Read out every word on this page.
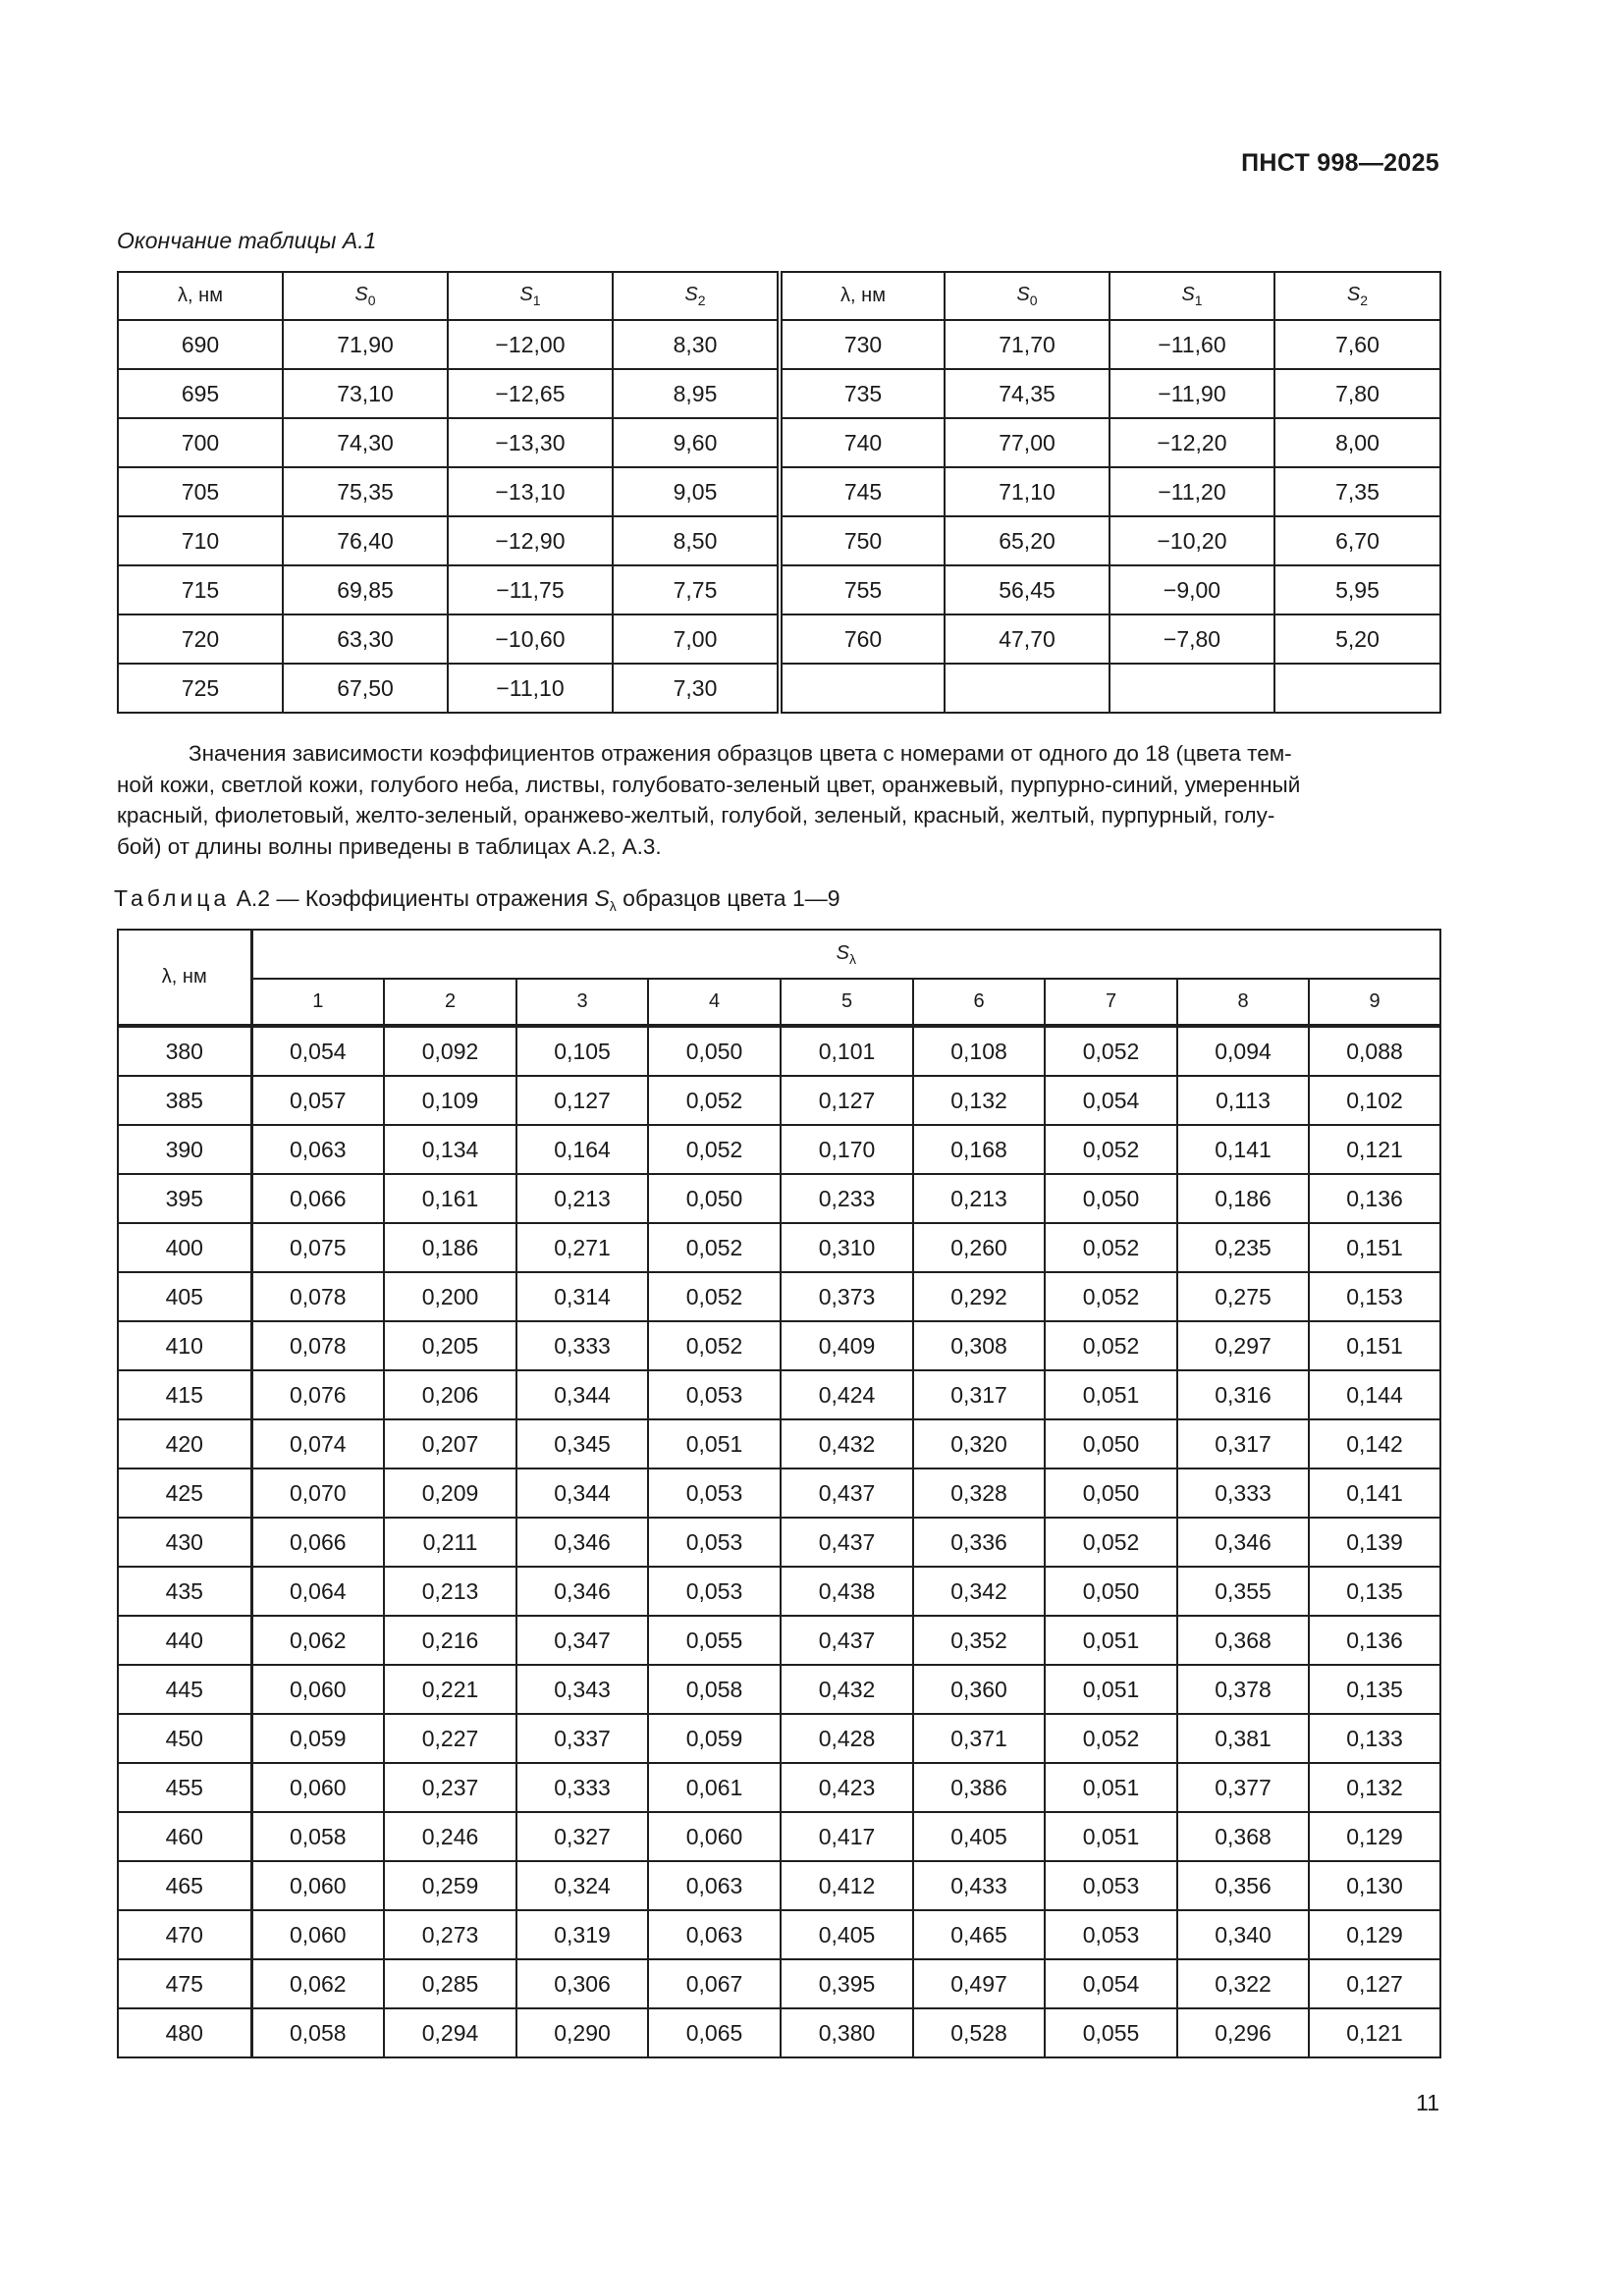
ПНСТ 998—2025
Окончание таблицы А.1
λ, нм	$S_0$	$S_1$	$S_2$	λ, нм	$S_0$	$S_1$	$S_2$
690	71,90	−12,00	8,30	730	71,70	−11,60	7,60
695	73,10	−12,65	8,95	735	74,35	−11,90	7,80
700	74,30	−13,30	9,60	740	77,00	−12,20	8,00
705	75,35	−13,10	9,05	745	71,10	−11,20	7,35
710	76,40	−12,90	8,50	750	65,20	−10,20	6,70
715	69,85	−11,75	7,75	755	56,45	−9,00	5,95
720	63,30	−10,60	7,00	760	47,70	−7,80	5,20
725	67,50	−11,10	7,30				
Значения зависимости коэффициентов отражения образцов цвета с номерами от одного до 18 (цвета тем-
ной кожи, светлой кожи, голубого неба, листвы, голубовато-зеленый цвет, оранжевый, пурпурно-синий, умеренный
красный, фиолетовый, желто-зеленый, оранжево-желтый, голубой, зеленый, красный, желтый, пурпурный, голу-
бой) от длины волны приведены в таблицах А.2, А.3.
Таблица А.2 — Коэффициенты отражения $S_\lambda$ образцов цвета 1—9
λ, нм	$S_\lambda$
	1	2	3	4	5	6	7	8	9
380	0,054	0,092	0,105	0,050	0,101	0,108	0,052	0,094	0,088
385	0,057	0,109	0,127	0,052	0,127	0,132	0,054	0,113	0,102
390	0,063	0,134	0,164	0,052	0,170	0,168	0,052	0,141	0,121
395	0,066	0,161	0,213	0,050	0,233	0,213	0,050	0,186	0,136
400	0,075	0,186	0,271	0,052	0,310	0,260	0,052	0,235	0,151
405	0,078	0,200	0,314	0,052	0,373	0,292	0,052	0,275	0,153
410	0,078	0,205	0,333	0,052	0,409	0,308	0,052	0,297	0,151
415	0,076	0,206	0,344	0,053	0,424	0,317	0,051	0,316	0,144
420	0,074	0,207	0,345	0,051	0,432	0,320	0,050	0,317	0,142
425	0,070	0,209	0,344	0,053	0,437	0,328	0,050	0,333	0,141
430	0,066	0,211	0,346	0,053	0,437	0,336	0,052	0,346	0,139
435	0,064	0,213	0,346	0,053	0,438	0,342	0,050	0,355	0,135
440	0,062	0,216	0,347	0,055	0,437	0,352	0,051	0,368	0,136
445	0,060	0,221	0,343	0,058	0,432	0,360	0,051	0,378	0,135
450	0,059	0,227	0,337	0,059	0,428	0,371	0,052	0,381	0,133
455	0,060	0,237	0,333	0,061	0,423	0,386	0,051	0,377	0,132
460	0,058	0,246	0,327	0,060	0,417	0,405	0,051	0,368	0,129
465	0,060	0,259	0,324	0,063	0,412	0,433	0,053	0,356	0,130
470	0,060	0,273	0,319	0,063	0,405	0,465	0,053	0,340	0,129
475	0,062	0,285	0,306	0,067	0,395	0,497	0,054	0,322	0,127
480	0,058	0,294	0,290	0,065	0,380	0,528	0,055	0,296	0,121
11
